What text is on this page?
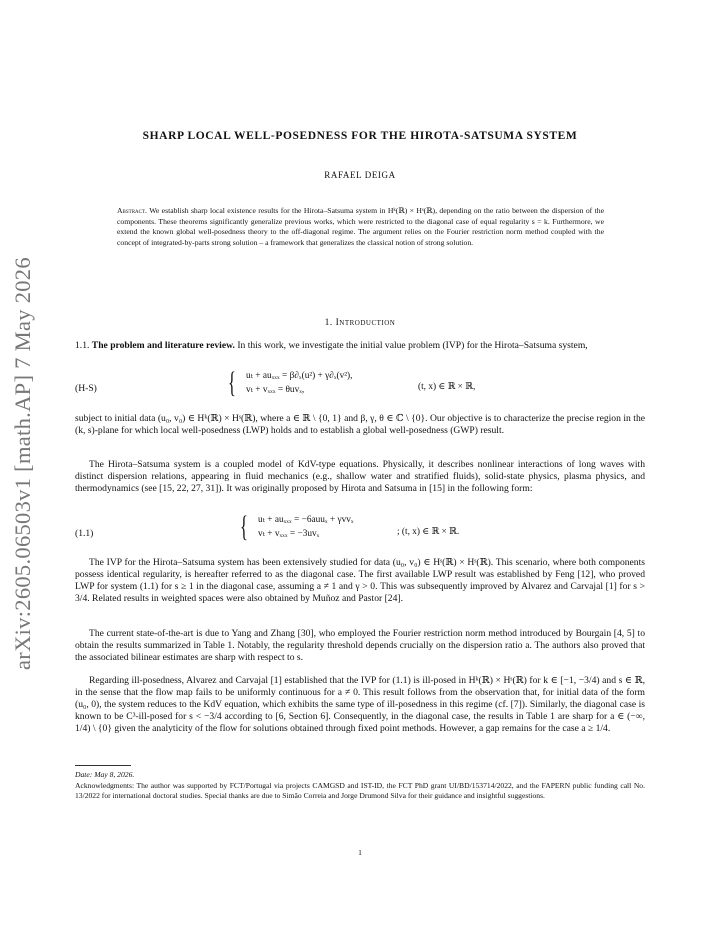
arXiv:2605.06503v1 [math.AP] 7 May 2026
SHARP LOCAL WELL-POSEDNESS FOR THE HIROTA-SATSUMA SYSTEM
RAFAEL DEIGA
Abstract. We establish sharp local existence results for the Hirota–Satsuma system in Hᵏ(ℝ) × Hˢ(ℝ), depending on the ratio between the dispersion of the components. These theorems significantly generalize previous works, which were restricted to the diagonal case of equal regularity s = k. Furthermore, we extend the known global well-posedness theory to the off-diagonal regime. The argument relies on the Fourier restriction norm method coupled with the concept of integrated-by-parts strong solution – a framework that generalizes the classical notion of strong solution.
1. Introduction
1.1. The problem and literature review. In this work, we investigate the initial value problem (IVP) for the Hirota–Satsuma system,
(H-S)	{ uₜ + auₓₓₓ = β∂ₓ(u²) + γ∂ₓ(v²),
vₜ + vₓₓₓ = θuvₓ,	(t, x) ∈ ℝ × ℝ,
subject to initial data (u₀, v₀) ∈ Hᵏ(ℝ) × Hˢ(ℝ), where a ∈ ℝ \ {0, 1} and β, γ, θ ∈ ℂ \ {0}. Our objective is to characterize the precise region in the (k, s)-plane for which local well-posedness (LWP) holds and to establish a global well-posedness (GWP) result.
The Hirota–Satsuma system is a coupled model of KdV-type equations. Physically, it describes nonlinear interactions of long waves with distinct dispersion relations, appearing in fluid mechanics (e.g., shallow water and stratified fluids), solid-state physics, plasma physics, and thermodynamics (see [15, 22, 27, 31]). It was originally proposed by Hirota and Satsuma in [15] in the following form:
(1.1)	{ uₜ + auₓₓₓ = −6auuₓ + γvvₓ
vₜ + vₓₓₓ = −3uvₓ	; (t, x) ∈ ℝ × ℝ.
The IVP for the Hirota–Satsuma system has been extensively studied for data (u₀, v₀) ∈ Hˢ(ℝ) × Hˢ(ℝ). This scenario, where both components possess identical regularity, is hereafter referred to as the diagonal case. The first available LWP result was established by Feng [12], who proved LWP for system (1.1) for s ≥ 1 in the diagonal case, assuming a ≠ 1 and γ > 0. This was subsequently improved by Alvarez and Carvajal [1] for s > 3/4. Related results in weighted spaces were also obtained by Muñoz and Pastor [24].
The current state-of-the-art is due to Yang and Zhang [30], who employed the Fourier restriction norm method introduced by Bourgain [4, 5] to obtain the results summarized in Table 1. Notably, the regularity threshold depends crucially on the dispersion ratio a. The authors also proved that the associated bilinear estimates are sharp with respect to s.
Regarding ill-posedness, Alvarez and Carvajal [1] established that the IVP for (1.1) is ill-posed in Hᵏ(ℝ) × Hˢ(ℝ) for k ∈ [−1, −3/4) and s ∈ ℝ, in the sense that the flow map fails to be uniformly continuous for a ≠ 0. This result follows from the observation that, for initial data of the form (u₀, 0), the system reduces to the KdV equation, which exhibits the same type of ill-posedness in this regime (cf. [7]). Similarly, the diagonal case is known to be C³-ill-posed for s < −3/4 according to [6, Section 6]. Consequently, in the diagonal case, the results in Table 1 are sharp for a ∈ (−∞, 1/4) \ {0} given the analyticity of the flow for solutions obtained through fixed point methods. However, a gap remains for the case a ≥ 1/4.
Date: May 8, 2026.
Acknowledgments: The author was supported by FCT/Portugal via projects CAMGSD and IST-ID, the FCT PhD grant UI/BD/153714/2022, and the FAPERN public funding call No. 13/2022 for international doctoral studies. Special thanks are due to Simão Correia and Jorge Drumond Silva for their guidance and insightful suggestions.
1
